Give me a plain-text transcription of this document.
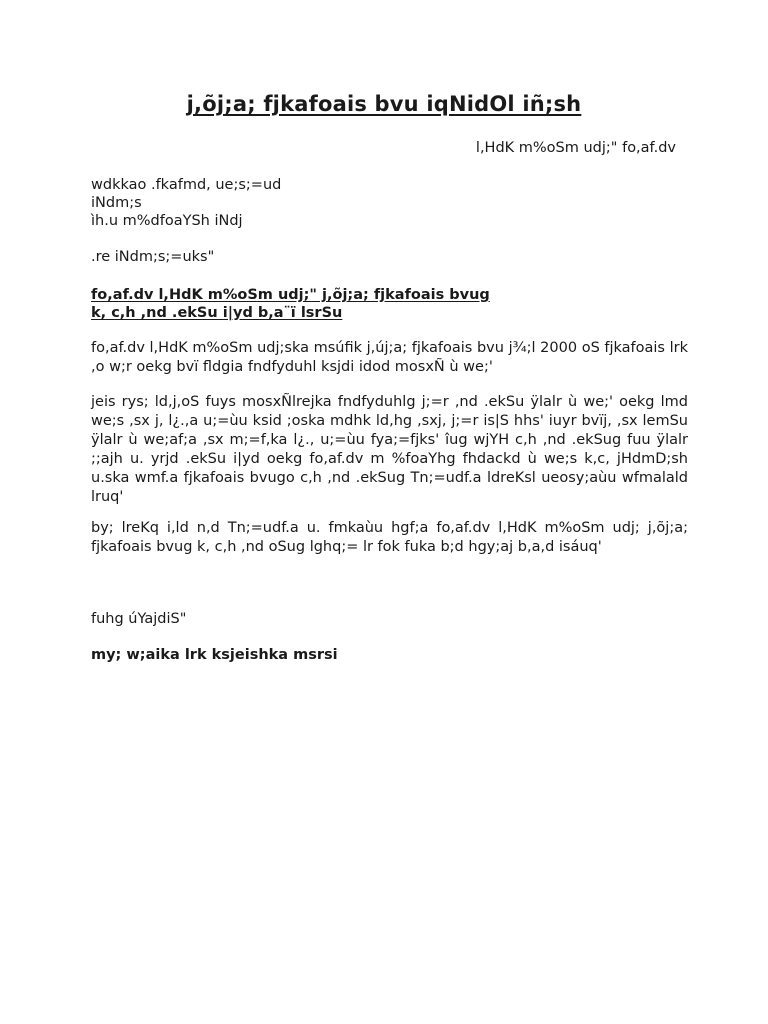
j,õj;a; fjkafoais bvu iqNidOl iñ;sh
l,HdK m%oSm udj;" fo,af.dv
wdkkao .fkafmd, ue;s;=ud
iNdm;s
ìh.u m%dfoaYSh iNdj
.re iNdm;s;=uks"
fo,af.dv l,HdK m%oSm udj;" j,õj;a; fjkafoais bvug
k, c,h ,nd .ekSu i|yd b,a¨ï lsrSu
fo,af.dv l,HdK m%oSm udj;ska msúfik j,új;a; fjkafoais bvu j¾;l 2000 oS fjkafoais lrk ,o w;r oekg bvï fldgia fndfyduhl ksjdi idod mosxÑ ù we;'
jeis rys; ld,j,oS fuys mosxÑlrejka fndfyduhlg j;=r ,nd .ekSu ÿlalr ù we;' oekg lmd we;s ,sx j, l¿.,a u;=ùu ksid ;oska mdhk ld,hg ,sxj, j;=r is|S hhs' iuyr bvïj, ,sx lemSu ÿlalr ù we;af;a ,sx m;=f,ka l¿., u;=ùu fya;=fjks' îug wjYH c,h ,nd .ekSug fuu ÿlalr ;;ajh u. yrjd .ekSu i|yd oekg fo,af.dv m %foaYhg fhdackd ù we;s k,c, jHdmD;sh u.ska wmf.a fjkafoais bvugo c,h ,nd .ekSug Tn;=udf.a ldreKsl ueosy;aùu wfmalald lruq'
by; lreKq i,ld n,d Tn;=udf.a u. fmkaùu hgf;a fo,af.dv l,HdK m%oSm udj; j,õj;a; fjkafoais bvug k, c,h ,nd oSug lghq;= lr fok fuka b;d hgy;aj b,a,d isáuq'
fuhg úYajdiS"
my; w;aika lrk ksjeishka msrsi
